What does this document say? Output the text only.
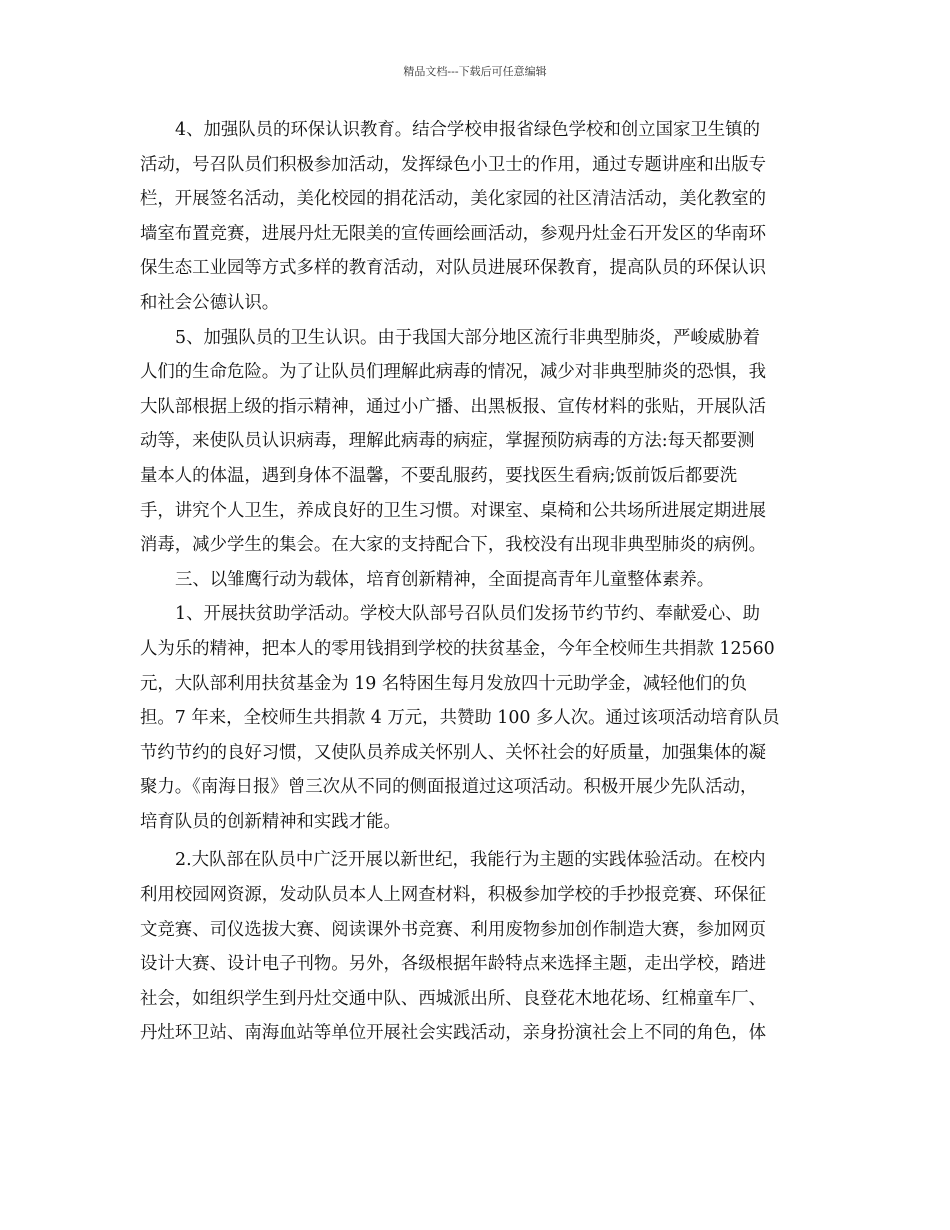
精品文档---下载后可任意编辑
4、加强队员的环保认识教育。结合学校申报省绿色学校和创立国家卫生镇的
活动，号召队员们积极参加活动，发挥绿色小卫士的作用，通过专题讲座和出版专
栏，开展签名活动，美化校园的捐花活动，美化家园的社区清洁活动，美化教室的
墙室布置竞赛，进展丹灶无限美的宣传画绘画活动，参观丹灶金石开发区的华南环
保生态工业园等方式多样的教育活动，对队员进展环保教育，提高队员的环保认识
和社会公德认识。
5、加强队员的卫生认识。由于我国大部分地区流行非典型肺炎，严峻威胁着
人们的生命危险。为了让队员们理解此病毒的情况，减少对非典型肺炎的恐惧，我
大队部根据上级的指示精神，通过小广播、出黑板报、宣传材料的张贴，开展队活
动等，来使队员认识病毒，理解此病毒的病症，掌握预防病毒的方法:每天都要测
量本人的体温，遇到身体不温馨，不要乱服药，要找医生看病;饭前饭后都要洗
手，讲究个人卫生，养成良好的卫生习惯。对课室、桌椅和公共场所进展定期进展
消毒，减少学生的集会。在大家的支持配合下，我校没有出现非典型肺炎的病例。
三、以雏鹰行动为载体，培育创新精神，全面提高青年儿童整体素养。
1、开展扶贫助学活动。学校大队部号召队员们发扬节约节约、奉献爱心、助
人为乐的精神，把本人的零用钱捐到学校的扶贫基金，今年全校师生共捐款 12560
元，大队部利用扶贫基金为 19 名特困生每月发放四十元助学金，减轻他们的负
担。7 年来，全校师生共捐款 4 万元，共赞助 100 多人次。通过该项活动培育队员
节约节约的良好习惯，又使队员养成关怀别人、关怀社会的好质量，加强集体的凝
聚力。《南海日报》曾三次从不同的侧面报道过这项活动。积极开展少先队活动，
培育队员的创新精神和实践才能。
2.大队部在队员中广泛开展以新世纪，我能行为主题的实践体验活动。在校内
利用校园网资源，发动队员本人上网查材料，积极参加学校的手抄报竞赛、环保征
文竞赛、司仪选拔大赛、阅读课外书竞赛、利用废物参加创作制造大赛，参加网页
设计大赛、设计电子刊物。另外，各级根据年龄特点来选择主题，走出学校，踏进
社会，如组织学生到丹灶交通中队、西城派出所、良登花木地花场、红棉童车厂、
丹灶环卫站、南海血站等单位开展社会实践活动，亲身扮演社会上不同的角色，体
